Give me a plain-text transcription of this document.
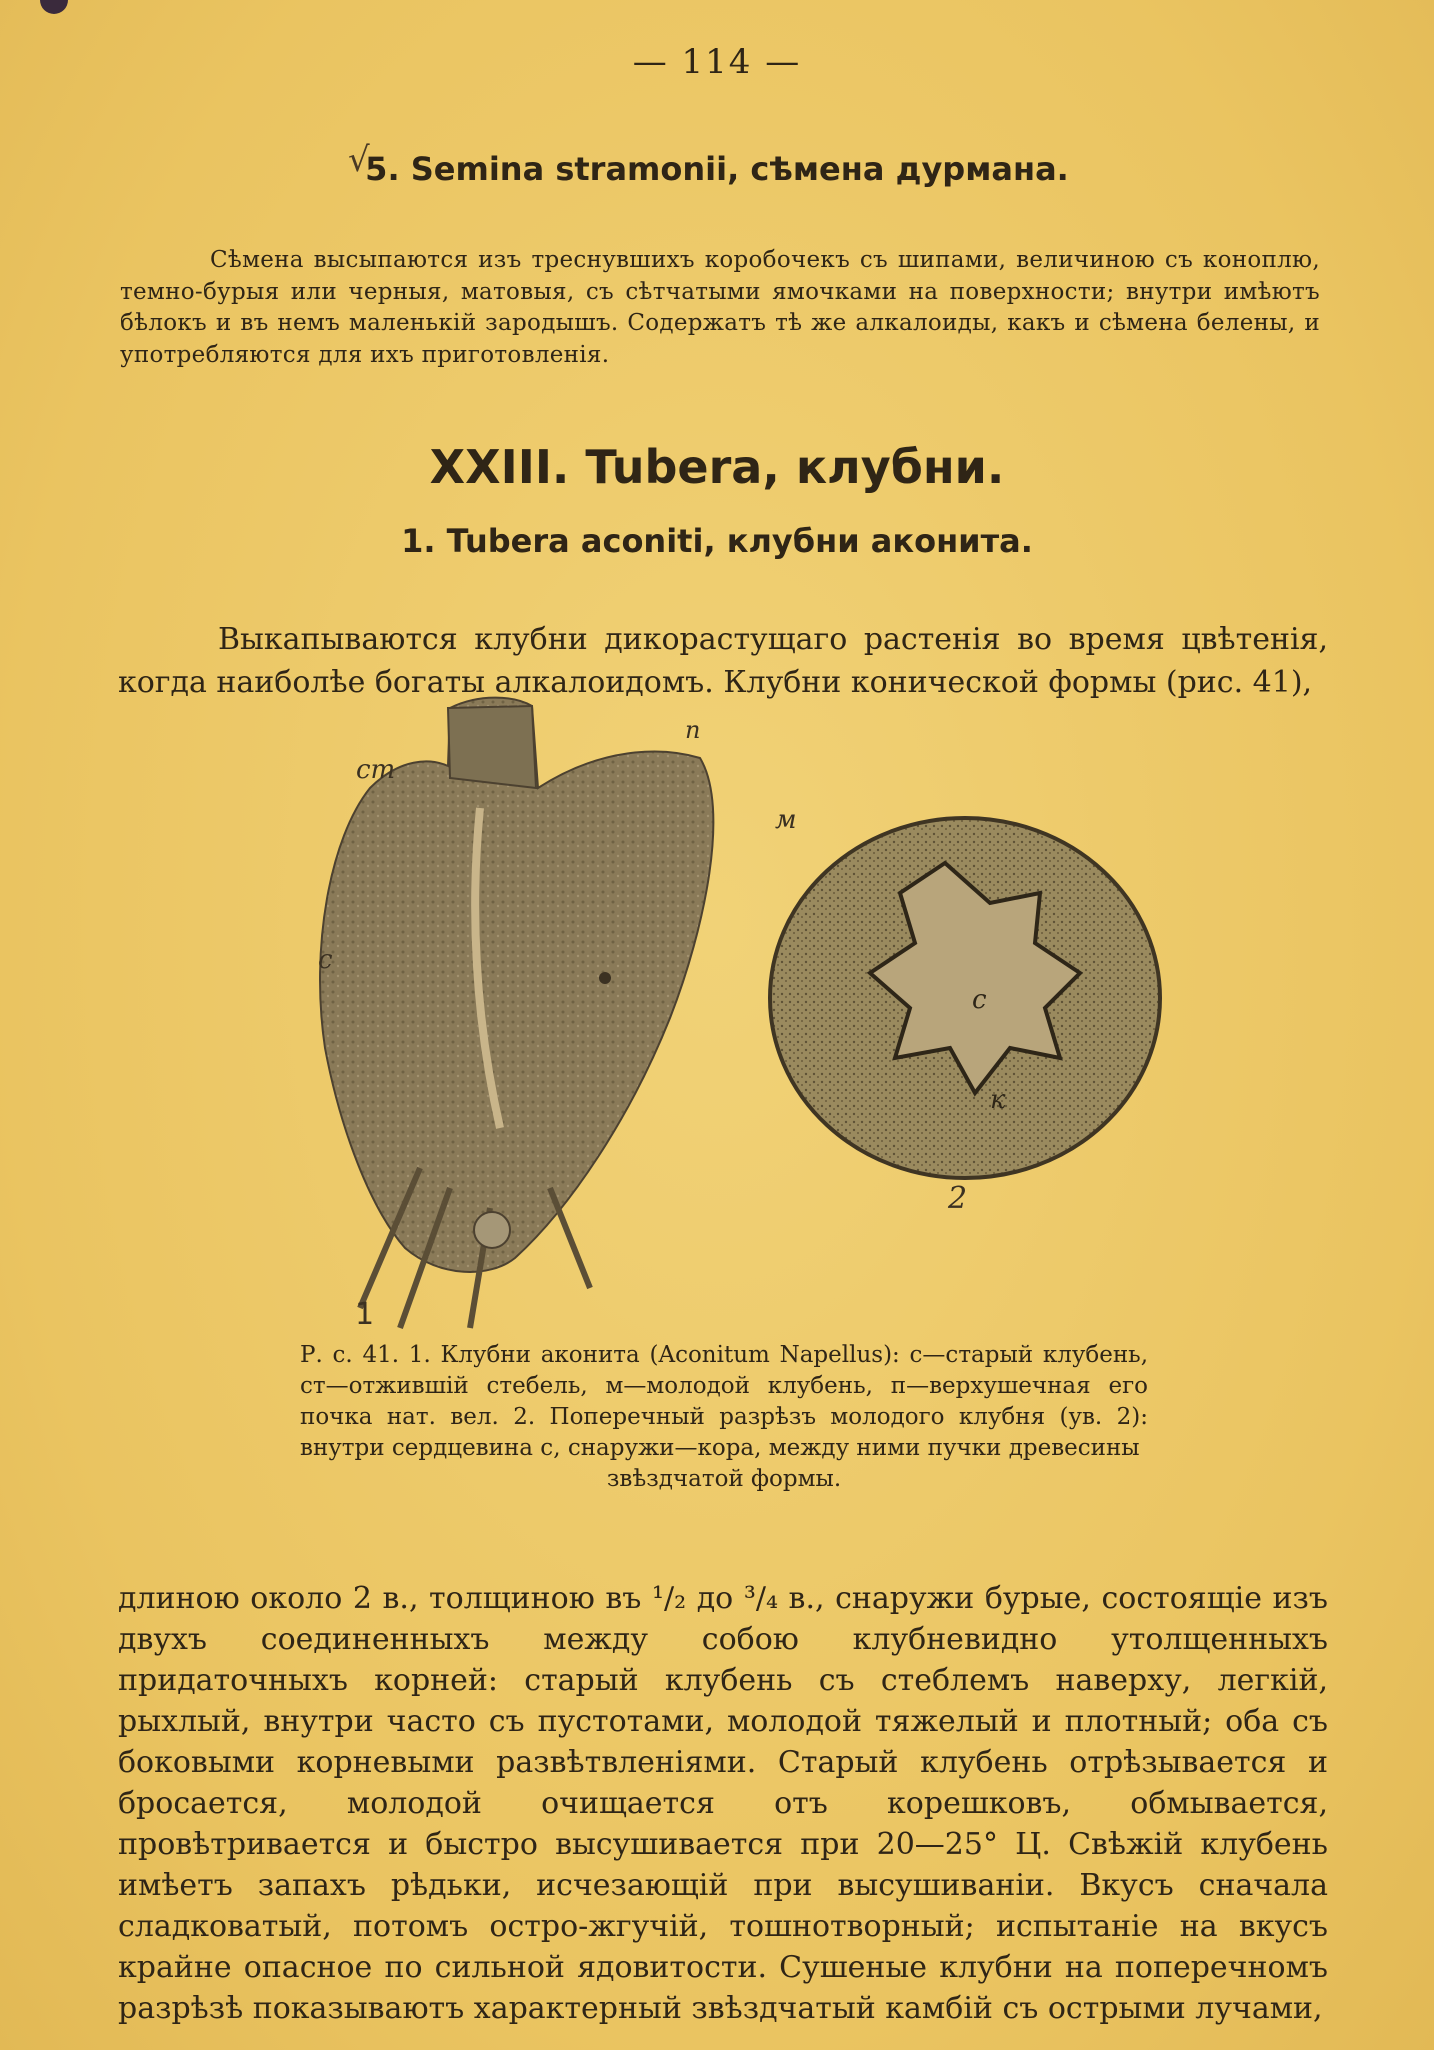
— 114 —
√
5. Semina stramonii, сѣмена дурмана.

Сѣмена высыпаются изъ треснувшихъ коробочекъ съ шипами, величиною съ коноплю, темно-бурыя или черныя, матовыя, съ сѣтчатыми ямочками на поверхности; внутри имѣютъ бѣлокъ и въ немъ маленькій зародышъ. Содержатъ тѣ же алкалоиды, какъ и сѣмена белены, и употребляются для ихъ приготовленія.

XXIII. Tubera, клубни.
1. Tubera aconiti, клубни аконита.

Выкапываются клубни дикорастущаго растенія во время цвѣтенія, когда наиболѣе богаты алкалоидомъ. Клубни конической формы (рис. 41),

ст
п
м
с
с
к
1
2
Р. с. 41. 1. Клубни аконита (Aconitum Napellus): с—старый клубень, ст—отжившій стебель, м—молодой клубень, п—верхушечная его почка нат. вел. 2. Поперечный разрѣзъ молодого клубня (ув. 2): внутри сердцевина с, снаружи—кора, между ними пучки древесины
звѣздчатой формы.

длиною около 2 в., толщиною въ ¹/₂ до ³/₄ в., снаружи бурые, состоящіе изъ двухъ соединенныхъ между собою клубневидно утолщенныхъ придаточныхъ корней: старый клубень съ стеблемъ наверху, легкій, рыхлый, внутри часто съ пустотами, молодой тяжелый и плотный; оба съ боковыми корневыми развѣтвленіями. Старый клубень отрѣзывается и бросается, молодой очищается отъ корешковъ, обмывается, провѣтривается и быстро высушивается при 20—25° Ц. Свѣжій клубень имѣетъ запахъ рѣдьки, исчезающій при высушиваніи. Вкусъ сначала сладковатый, потомъ остро-жгучій, тошнотворный; испытаніе на вкусъ крайне опасное по сильной ядовитости. Сушеные клубни на поперечномъ разрѣзѣ показываютъ характерный звѣздчатый камбій съ острыми лучами,
